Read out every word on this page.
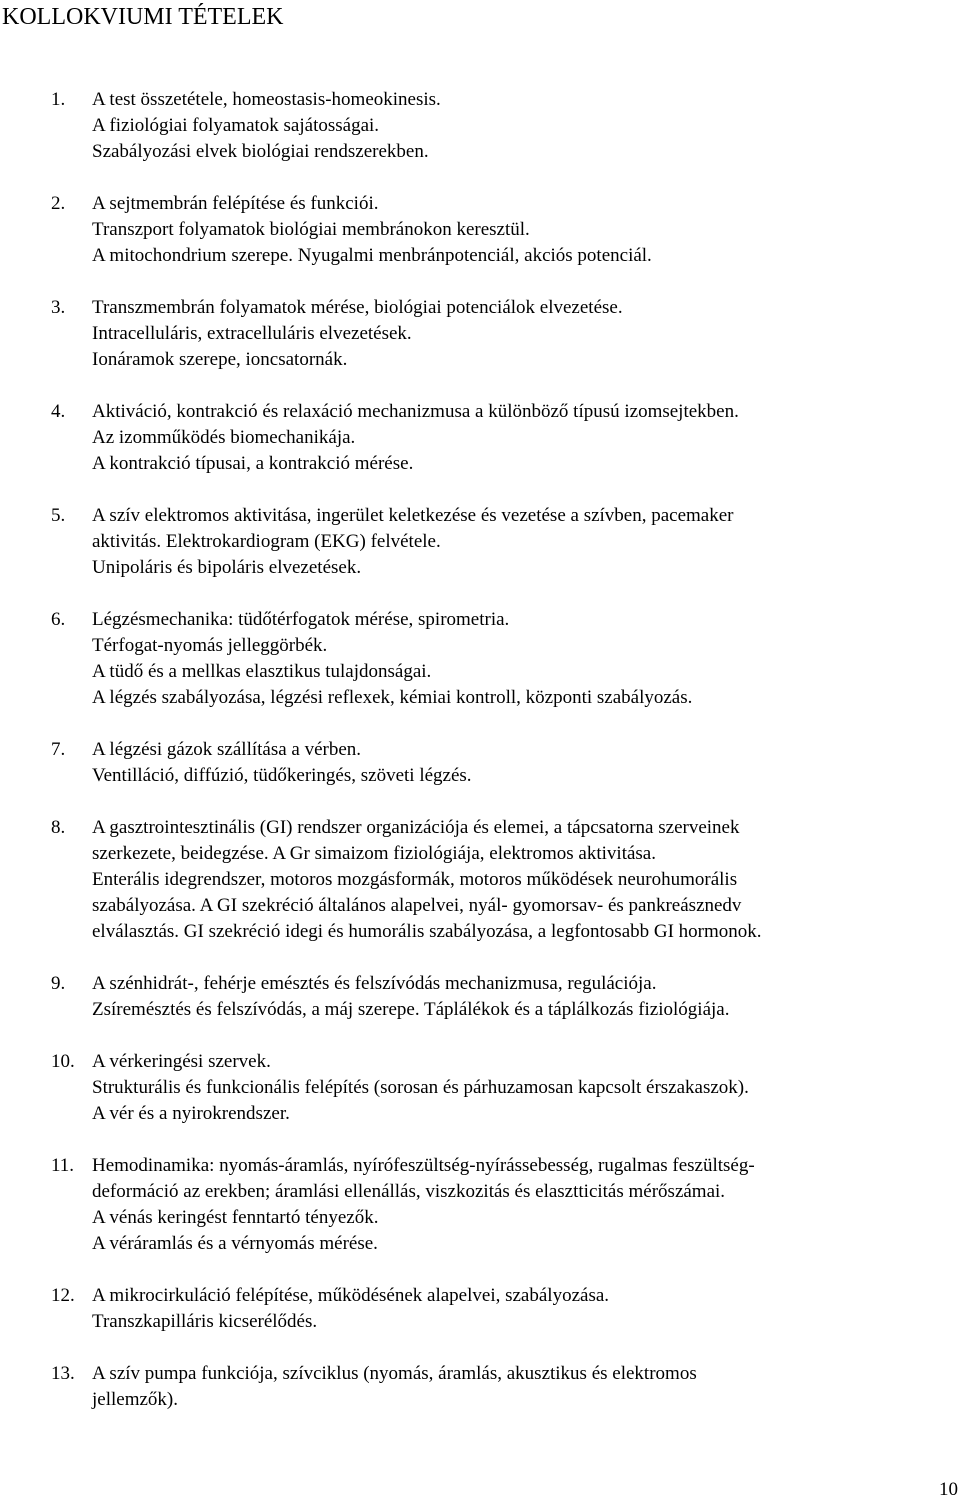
KOLLOKVIUMI TÉTELEK
1. A test összetétele, homeostasis-homeokinesis.
A fiziológiai folyamatok sajátosságai.
Szabályozási elvek biológiai rendszerekben.
2. A sejtmembrán felépítése és funkciói.
Transzport folyamatok biológiai membránokon keresztül.
A mitochondrium szerepe. Nyugalmi menbránpotenciál, akciós potenciál.
3. Transzmembrán folyamatok mérése, biológiai potenciálok elvezetése.
Intracelluláris, extracelluláris elvezetések.
Ionáramok szerepe, ioncsatornák.
4. Aktiváció, kontrakció és relaxáció mechanizmusa a különböző típusú izomsejtekben.
Az izomműködés biomechanikája.
A kontrakció típusai, a kontrakció mérése.
5. A szív elektromos aktivitása, ingerület keletkezése és vezetése a szívben, pacemaker
aktivitás. Elektrokardiogram (EKG) felvétele.
Unipoláris és bipoláris elvezetések.
6. Légzésmechanika: tüdőtérfogatok mérése, spirometria.
Térfogat-nyomás jelleggörbék.
A tüdő és a mellkas elasztikus tulajdonságai.
A légzés szabályozása, légzési reflexek, kémiai kontroll, központi szabályozás.
7. A légzési gázok szállítása a vérben.
Ventilláció, diffúzió, tüdőkeringés, szöveti légzés.
8. A gasztrointesztinális (GI) rendszer organizációja és elemei, a tápcsatorna szerveinek
szerkezete, beidegzése. A Gr simaizom fiziológiája, elektromos aktivitása.
Enterális idegrendszer, motoros mozgásformák, motoros működések neurohumorális
szabályozása. A GI szekréció általános alapelvei, nyál- gyomorsav- és pankreásznedv
elválasztás. GI szekréció idegi és humorális szabályozása, a legfontosabb GI hormonok.
9. A szénhidrát-, fehérje emésztés és felszívódás mechanizmusa, regulációja.
Zsíremésztés és felszívódás, a máj szerepe. Táplálékok és a táplálkozás fiziológiája.
10. A vérkeringési szervek.
Strukturális és funkcionális felépítés (sorosan és párhuzamosan kapcsolt érszakaszok).
A vér és a nyirokrendszer.
11. Hemodinamika: nyomás-áramlás, nyírófeszültség-nyírássebesség, rugalmas feszültség-
deformáció az erekben; áramlási ellenállás, viszkozitás és elasztticitás mérőszámai.
A vénás keringést fenntartó tényezők.
A véráramlás és a vérnyomás mérése.
12. A mikrocirkuláció felépítése, működésének alapelvei, szabályozása.
Transzkapilláris kicserélődés.
13. A szív pumpa funkciója, szívciklus (nyomás, áramlás, akusztikus és elektromos
jellemzők).
10
